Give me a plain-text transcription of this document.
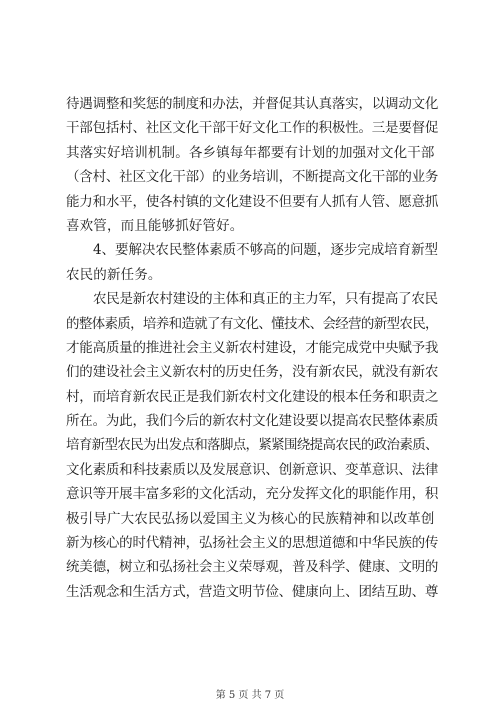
待遇调整和奖惩的制度和办法，并督促其认真落实，以调动文化
干部包括村、社区文化干部干好文化工作的积极性。三是要督促
其落实好培训机制。各乡镇每年都要有计划的加强对文化干部
（含村、社区文化干部）的业务培训，不断提高文化干部的业务
能力和水平，使各村镇的文化建设不但要有人抓有人管、愿意抓
喜欢管，而且能够抓好管好。
4、要解决农民整体素质不够高的问题，逐步完成培育新型
农民的新任务。
农民是新农村建设的主体和真正的主力军，只有提高了农民
的整体素质，培养和造就了有文化、懂技术、会经营的新型农民，
才能高质量的推进社会主义新农村建设，才能完成党中央赋予我
们的建设社会主义新农村的历史任务，没有新农民，就没有新农
村，而培育新农民正是我们新农村文化建设的根本任务和职责之
所在。为此，我们今后的新农村文化建设要以提高农民整体素质
培育新型农民为出发点和落脚点，紧紧围绕提高农民的政治素质、
文化素质和科技素质以及发展意识、创新意识、变革意识、法律
意识等开展丰富多彩的文化活动，充分发挥文化的职能作用，积
极引导广大农民弘扬以爱国主义为核心的民族精神和以改革创
新为核心的时代精神，弘扬社会主义的思想道德和中华民族的传
统美德，树立和弘扬社会主义荣辱观，普及科学、健康、文明的
生活观念和生活方式，营造文明节俭、健康向上、团结互助、尊
第 5 页 共 7 页
